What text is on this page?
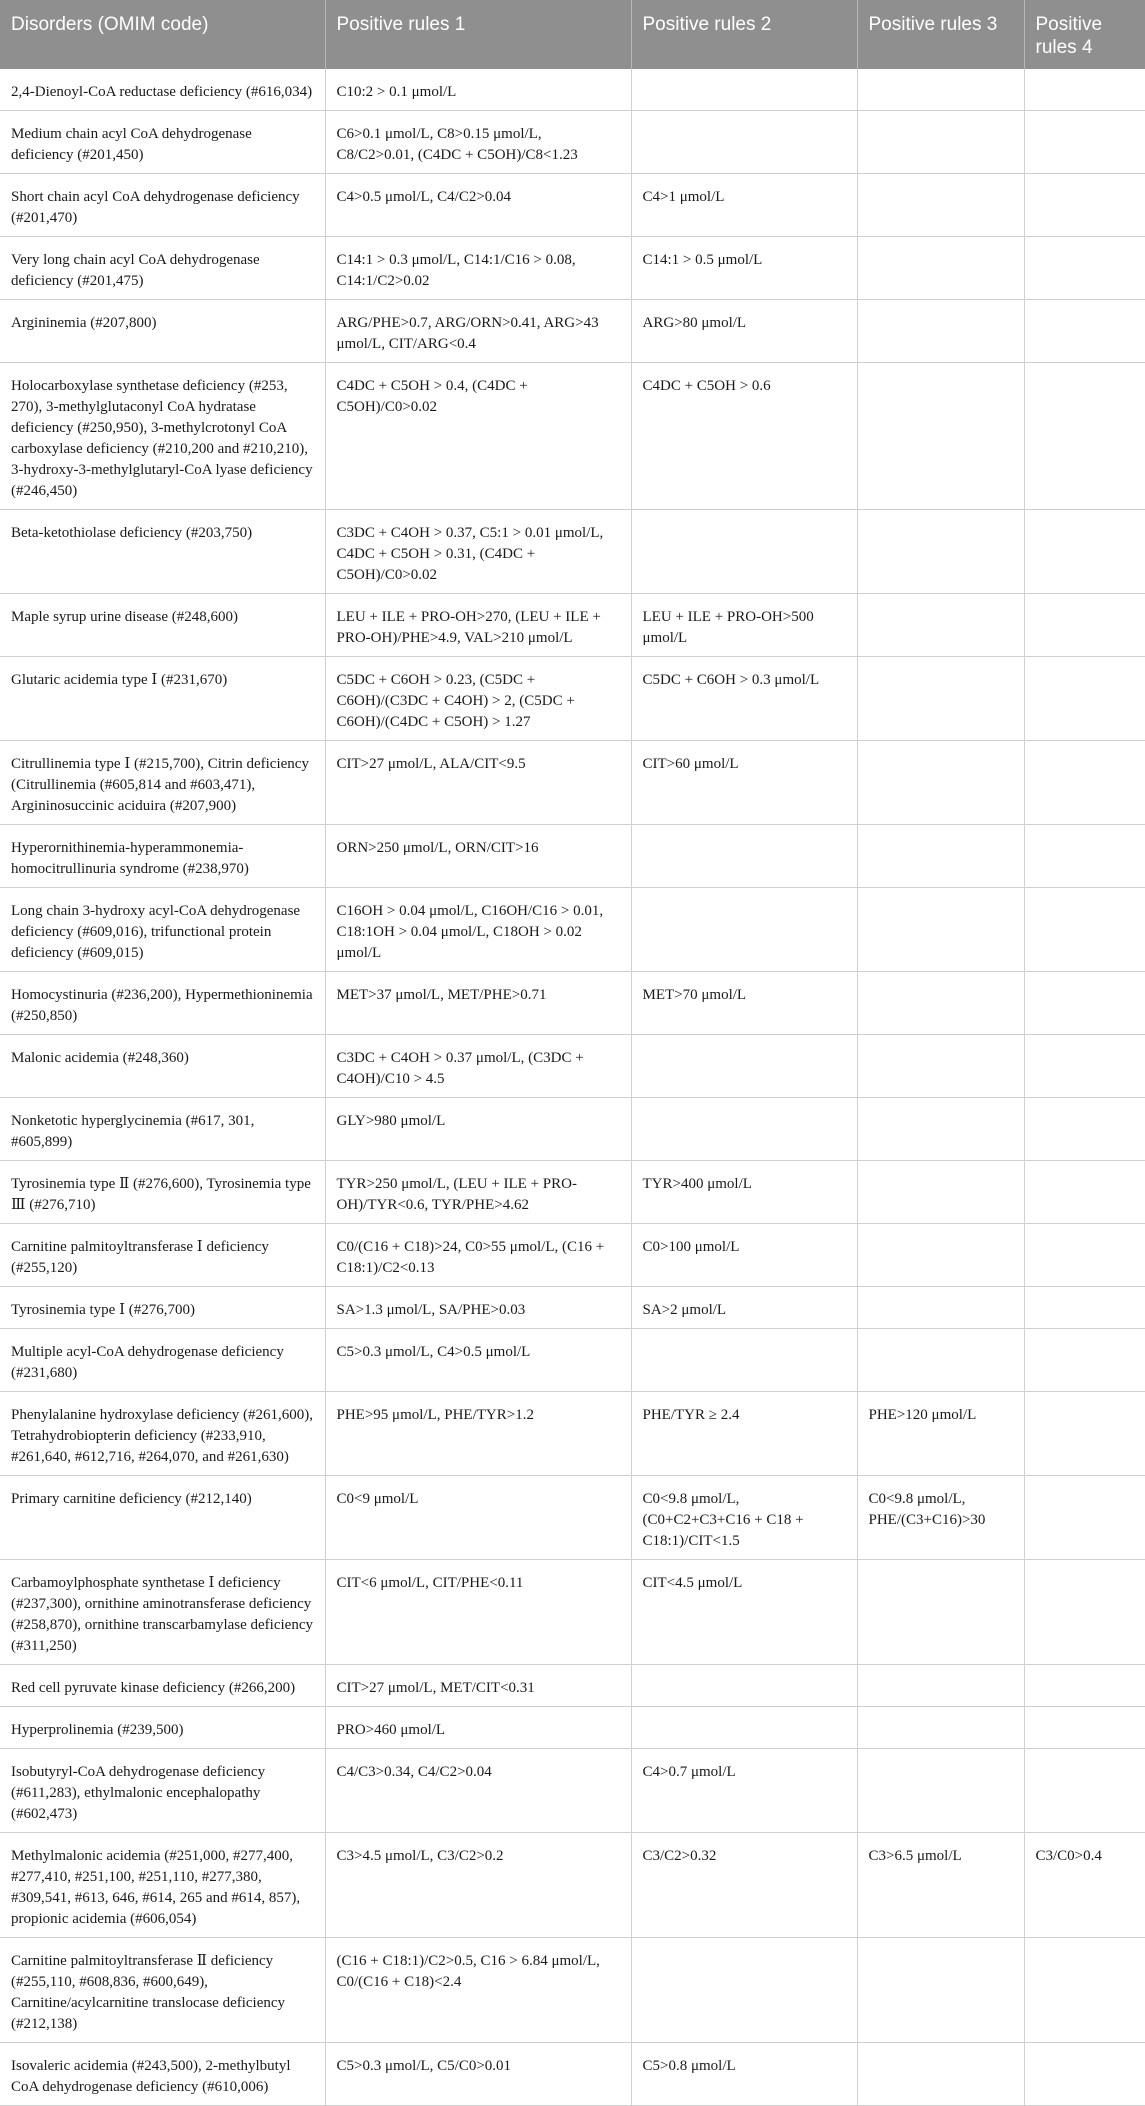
Disorders (OMIM code)	Positive rules 1	Positive rules 2	Positive rules 3	Positive rules 4
2,4-Dienoyl-CoA reductase deficiency (#616,034)	C10:2 > 0.1 μmol/L			
Medium chain acyl CoA dehydrogenase deficiency (#201,450)	C6>0.1 μmol/L, C8>0.15 μmol/L, C8/C2>0.01, (C4DC + C5OH)/C8<1.23			
Short chain acyl CoA dehydrogenase deficiency (#201,470)	C4>0.5 μmol/L, C4/C2>0.04	C4>1 μmol/L		
Very long chain acyl CoA dehydrogenase deficiency (#201,475)	C14:1 > 0.3 μmol/L, C14:1/C16 > 0.08, C14:1/C2>0.02	C14:1 > 0.5 μmol/L		
Argininemia (#207,800)	ARG/PHE>0.7, ARG/ORN>0.41, ARG>43 μmol/L, CIT/ARG<0.4	ARG>80 μmol/L		
Holocarboxylase synthetase deficiency (#253, 270), 3-methylglutaconyl CoA hydratase deficiency (#250,950), 3-methylcrotonyl CoA carboxylase deficiency (#210,200 and #210,210), 3-hydroxy-3-methylglutaryl-CoA lyase deficiency (#246,450)	C4DC + C5OH > 0.4, (C4DC + C5OH)/C0>0.02	C4DC + C5OH > 0.6		
Beta-ketothiolase deficiency (#203,750)	C3DC + C4OH > 0.37, C5:1 > 0.01 μmol/L, C4DC + C5OH > 0.31, (C4DC + C5OH)/C0>0.02			
Maple syrup urine disease (#248,600)	LEU + ILE + PRO-OH>270, (LEU + ILE + PRO-OH)/PHE>4.9, VAL>210 μmol/L	LEU + ILE + PRO-OH>500 μmol/L		
Glutaric acidemia type Ⅰ (#231,670)	C5DC + C6OH > 0.23, (C5DC + C6OH)/(C3DC + C4OH) > 2, (C5DC + C6OH)/(C4DC + C5OH) > 1.27	C5DC + C6OH > 0.3 μmol/L		
Citrullinemia type Ⅰ (#215,700), Citrin deficiency (Citrullinemia (#605,814 and #603,471), Argininosuccinic aciduira (#207,900)	CIT>27 μmol/L, ALA/CIT<9.5	CIT>60 μmol/L		
Hyperornithinemia-hyperammonemia-homocitrullinuria syndrome (#238,970)	ORN>250 μmol/L, ORN/CIT>16			
Long chain 3-hydroxy acyl-CoA dehydrogenase deficiency (#609,016), trifunctional protein deficiency (#609,015)	C16OH > 0.04 μmol/L, C16OH/C16 > 0.01, C18:1OH > 0.04 μmol/L, C18OH > 0.02 μmol/L			
Homocystinuria (#236,200), Hypermethioninemia (#250,850)	MET>37 μmol/L, MET/PHE>0.71	MET>70 μmol/L		
Malonic acidemia (#248,360)	C3DC + C4OH > 0.37 μmol/L, (C3DC + C4OH)/C10 > 4.5			
Nonketotic hyperglycinemia (#617, 301, #605,899)	GLY>980 μmol/L			
Tyrosinemia type Ⅱ (#276,600), Tyrosinemia type Ⅲ (#276,710)	TYR>250 μmol/L, (LEU + ILE + PRO-OH)/TYR<0.6, TYR/PHE>4.62	TYR>400 μmol/L		
Carnitine palmitoyltransferase Ⅰ deficiency (#255,120)	C0/(C16 + C18)>24, C0>55 μmol/L, (C16 + C18:1)/C2<0.13	C0>100 μmol/L		
Tyrosinemia type Ⅰ (#276,700)	SA>1.3 μmol/L, SA/PHE>0.03	SA>2 μmol/L		
Multiple acyl-CoA dehydrogenase deficiency (#231,680)	C5>0.3 μmol/L, C4>0.5 μmol/L			
Phenylalanine hydroxylase deficiency (#261,600), Tetrahydrobiopterin deficiency (#233,910, #261,640, #612,716, #264,070, and #261,630)	PHE>95 μmol/L, PHE/TYR>1.2	PHE/TYR ≥ 2.4	PHE>120 μmol/L	
Primary carnitine deficiency (#212,140)	C0<9 μmol/L	C0<9.8 μmol/L, (C0+C2+C3+C16 + C18 + C18:1)/CIT<1.5	C0<9.8 μmol/L, PHE/(C3+C16)>30	
Carbamoylphosphate synthetase Ⅰ deficiency (#237,300), ornithine aminotransferase deficiency (#258,870), ornithine transcarbamylase deficiency (#311,250)	CIT<6 μmol/L, CIT/PHE<0.11	CIT<4.5 μmol/L		
Red cell pyruvate kinase deficiency (#266,200)	CIT>27 μmol/L, MET/CIT<0.31			
Hyperprolinemia (#239,500)	PRO>460 μmol/L			
Isobutyryl-CoA dehydrogenase deficiency (#611,283), ethylmalonic encephalopathy (#602,473)	C4/C3>0.34, C4/C2>0.04	C4>0.7 μmol/L		
Methylmalonic acidemia (#251,000, #277,400, #277,410, #251,100, #251,110, #277,380, #309,541, #613, 646, #614, 265 and #614, 857), propionic acidemia (#606,054)	C3>4.5 μmol/L, C3/C2>0.2	C3/C2>0.32	C3>6.5 μmol/L	C3/C0>0.4
Carnitine palmitoyltransferase Ⅱ deficiency (#255,110, #608,836, #600,649), Carnitine/acylcarnitine translocase deficiency (#212,138)	(C16 + C18:1)/C2>0.5, C16 > 6.84 μmol/L, C0/(C16 + C18)<2.4			
Isovaleric acidemia (#243,500), 2-methylbutyl CoA dehydrogenase deficiency (#610,006)	C5>0.3 μmol/L, C5/C0>0.01	C5>0.8 μmol/L		
